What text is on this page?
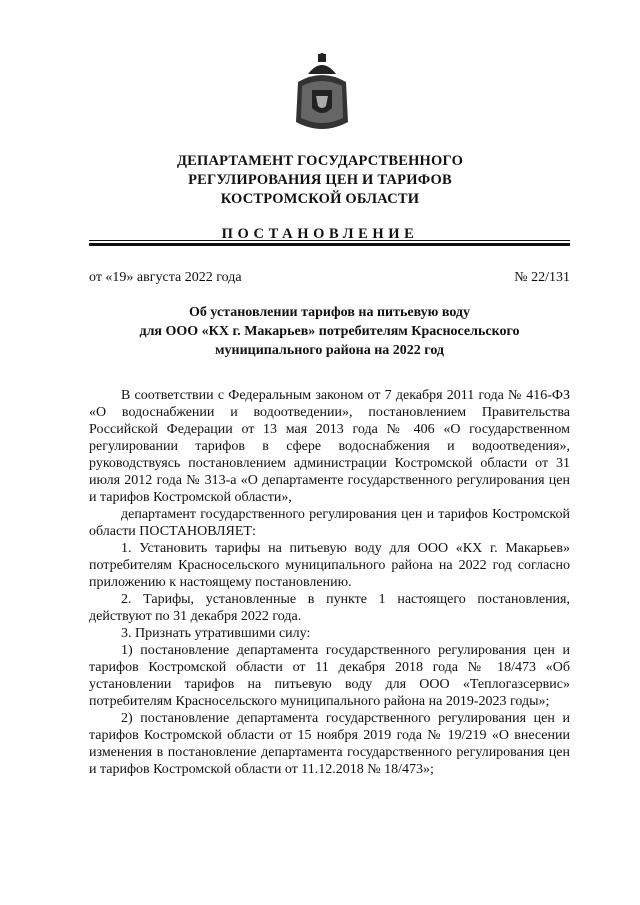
ДЕПАРТАМЕНТ ГОСУДАРСТВЕННОГО
РЕГУЛИРОВАНИЯ ЦЕН И ТАРИФОВ
КОСТРОМСКОЙ ОБЛАСТИ
ПОСТАНОВЛЕНИЕ
от «19» августа 2022 года	№ 22/131
Об установлении тарифов на питьевую воду
для ООО «КХ г. Макарьев» потребителям Красносельского
муниципального района на 2022 год

В соответствии с Федеральным законом от 7 декабря 2011 года № 416-ФЗ «О водоснабжении и водоотведении», постановлением Правительства Российской Федерации от 13 мая 2013 года № 406 «О государственном регулировании тарифов в сфере водоснабжения и водоотведения», руководствуясь постановлением администрации Костромской области от 31 июля 2012 года № 313-а «О департаменте государственного регулирования цен и тарифов Костромской области»,

департамент государственного регулирования цен и тарифов Костромской области ПОСТАНОВЛЯЕТ:

1. Установить тарифы на питьевую воду для ООО «КХ г. Макарьев» потребителям Красносельского муниципального района на 2022 год согласно приложению к настоящему постановлению.

2. Тарифы, установленные в пункте 1 настоящего постановления, действуют по 31 декабря 2022 года.

3. Признать утратившими силу:

1) постановление департамента государственного регулирования цен и тарифов Костромской области от 11 декабря 2018 года № 18/473 «Об установлении тарифов на питьевую воду для ООО «Теплогазсервис» потребителям Красносельского муниципального района на 2019-2023 годы»;

2) постановление департамента государственного регулирования цен и тарифов Костромской области от 15 ноября 2019 года № 19/219 «О внесении изменения в постановление департамента государственного регулирования цен и тарифов Костромской области от 11.12.2018 № 18/473»;
